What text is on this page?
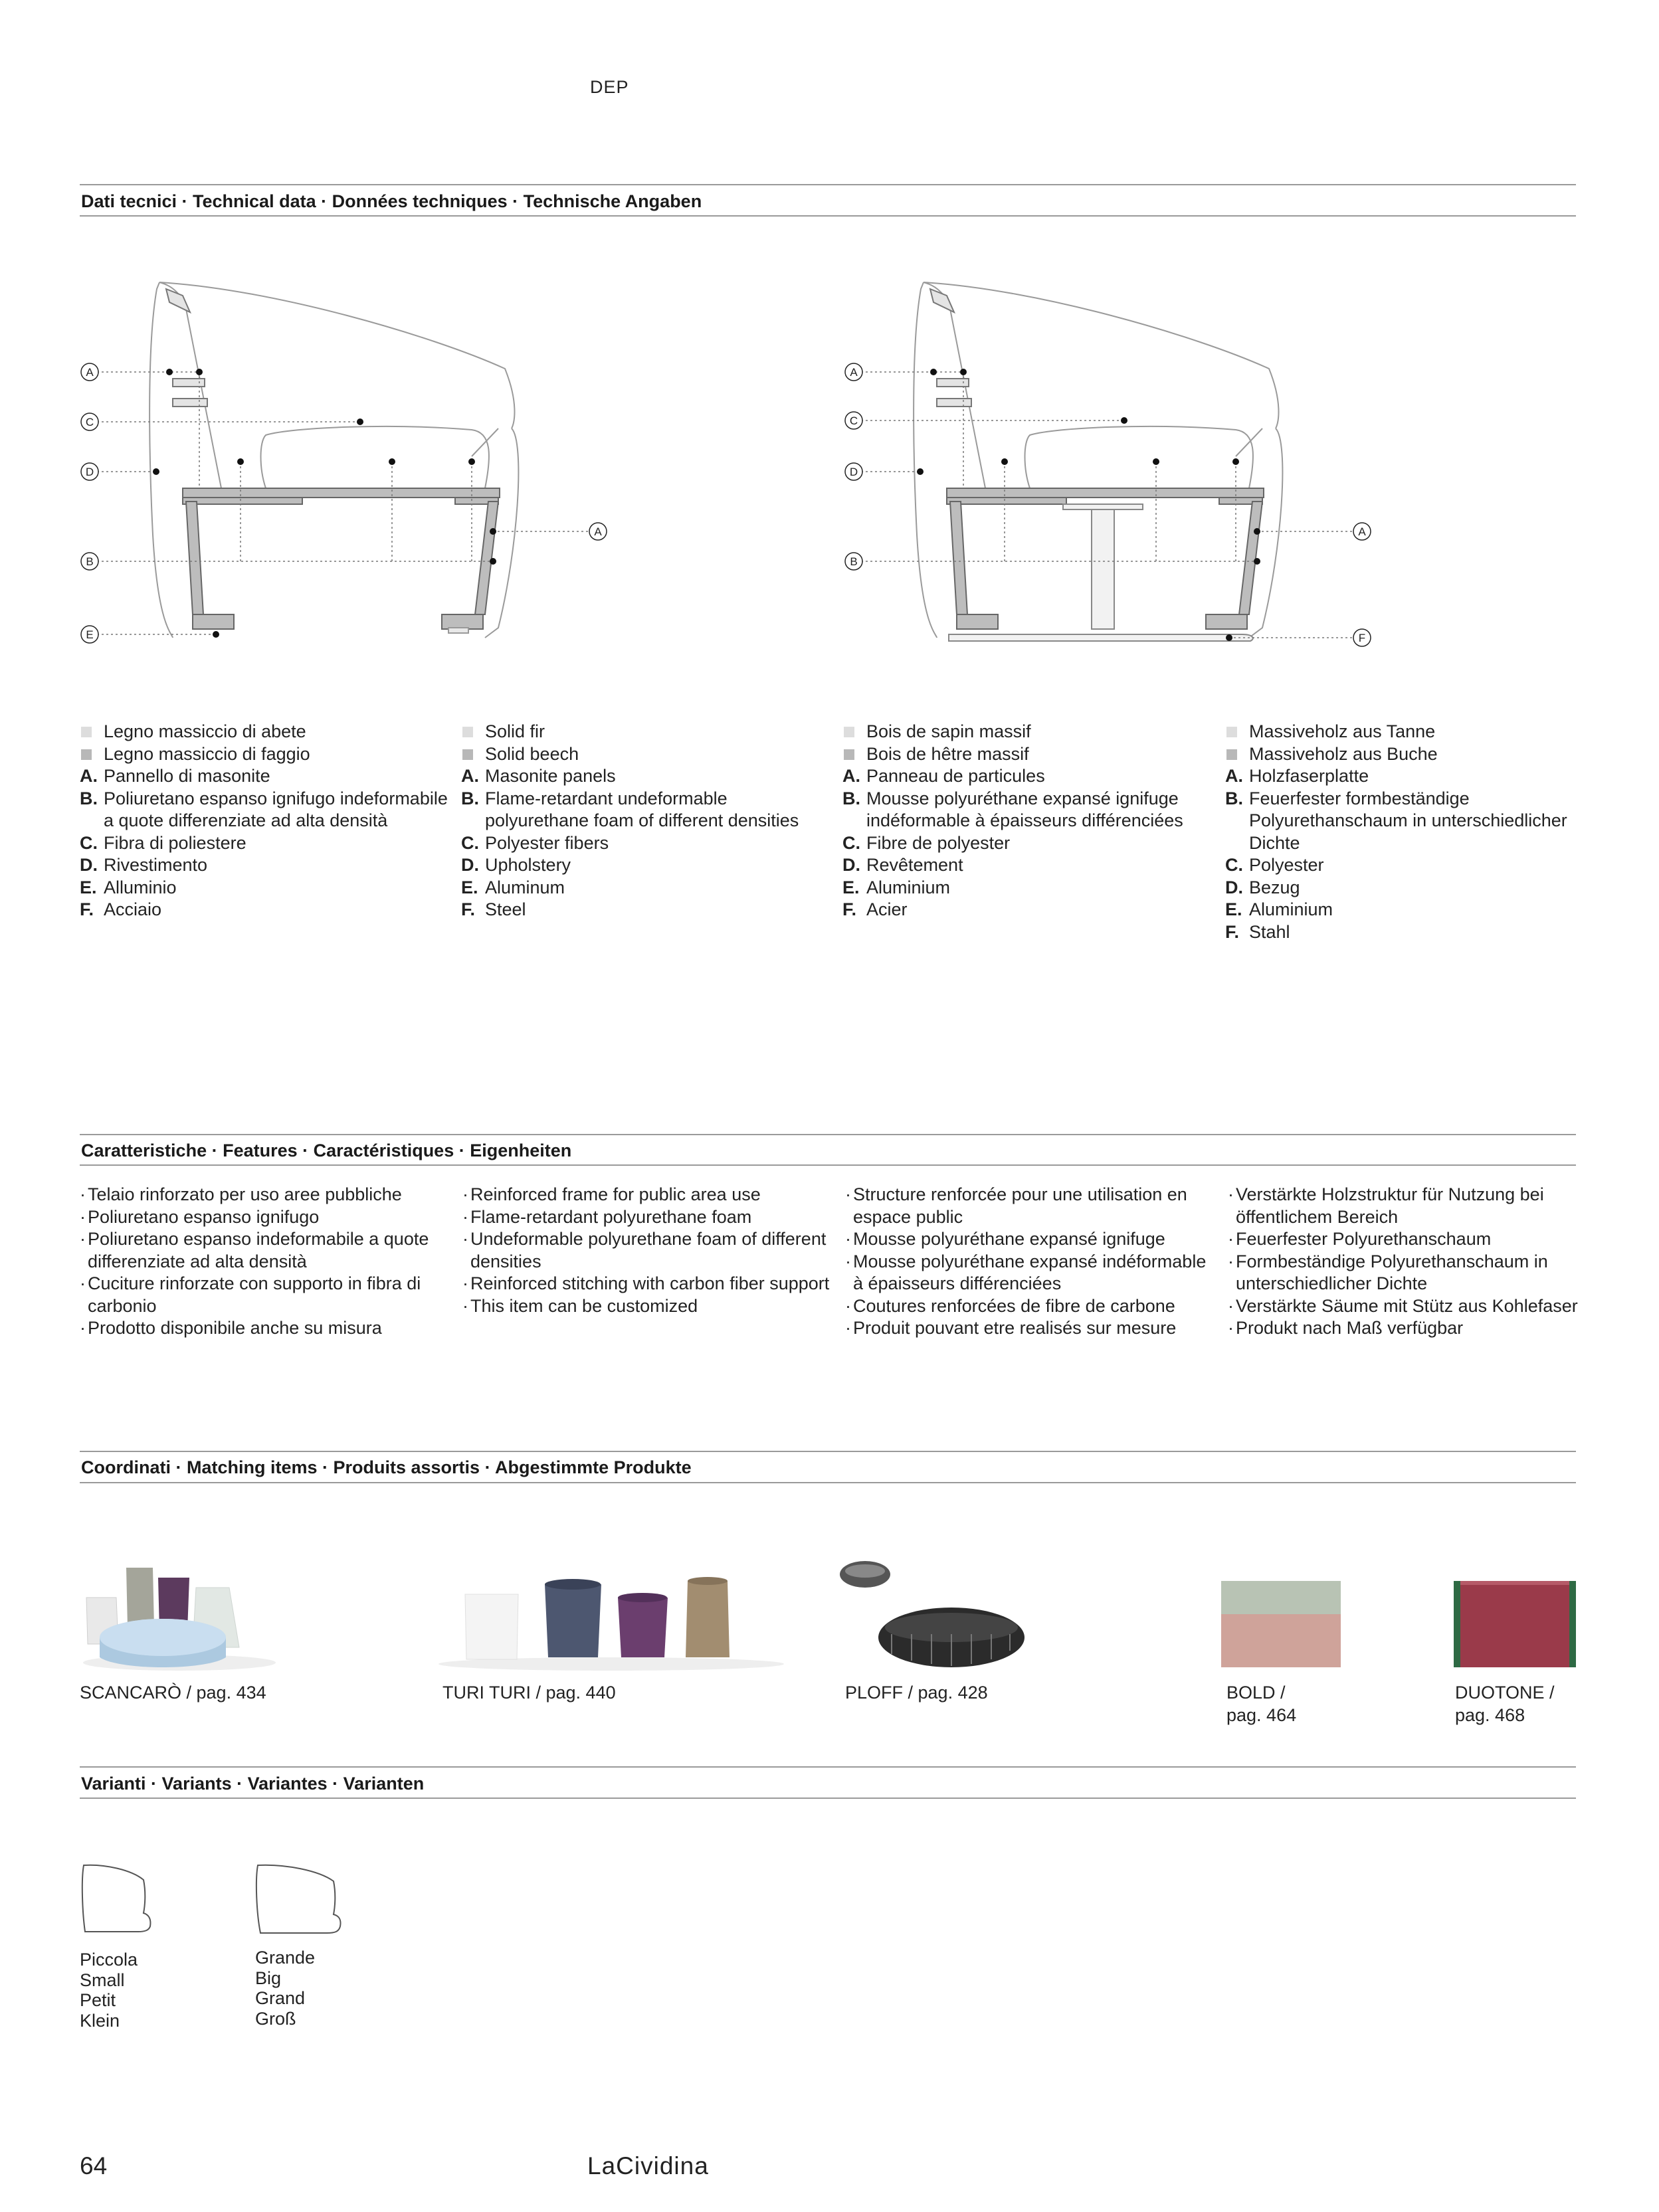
DEP
Dati tecnici · Technical data · Données techniques · Technische Angaben
A
C
D
B
E
A
A
C
D
B
A
F
Legno massiccio di abete
Legno massiccio di faggio
A. Pannello di masonite
B. Poliuretano espanso ignifugo indeformabile a quote differenziate ad alta densità
C. Fibra di poliestere
D. Rivestimento
E. Alluminio
F. Acciaio
Solid fir
Solid beech
A. Masonite panels
B. Flame-retardant undeformable polyurethane foam of different densities
C. Polyester fibers
D. Upholstery
E. Aluminum
F. Steel
Bois de sapin massif
Bois de hêtre massif
A. Panneau de particules
B. Mousse polyuréthane expansé ignifuge indéformable à épaisseurs différenciées
C. Fibre de polyester
D. Revêtement
E. Aluminium
F. Acier
Massiveholz aus Tanne
Massiveholz aus Buche
A. Holzfaserplatte
B. Feuerfester formbeständige Polyurethanschaum in unterschiedlicher Dichte
C. Polyester
D. Bezug
E. Aluminium
F. Stahl
Caratteristiche · Features · Caractéristiques · Eigenheiten
· Telaio rinforzato per uso aree pubbliche
· Poliuretano espanso ignifugo
· Poliuretano espanso indeformabile a quote differenziate ad alta densità
· Cuciture rinforzate con supporto in fibra di carbonio
· Prodotto disponibile anche su misura
· Reinforced frame for public area use
· Flame-retardant polyurethane foam
· Undeformable polyurethane foam of different densities
· Reinforced stitching with carbon fiber support
· This item can be customized
· Structure renforcée pour une utilisation en espace public
· Mousse polyuréthane expansé ignifuge
· Mousse polyuréthane expansé indéformable à épaisseurs différenciées
· Coutures renforcées de fibre de carbone
· Produit pouvant etre realisés sur mesure
· Verstärkte Holzstruktur für Nutzung bei öffentlichem Bereich
· Feuerfester Polyurethanschaum
· Formbeständige Polyurethanschaum in unterschiedlicher Dichte
· Verstärkte Säume mit Stütz aus Kohlefaser
· Produkt nach Maß verfügbar
Coordinati · Matching items · Produits assortis · Abgestimmte Produkte
SCANCARÒ / pag. 434	TURI TURI / pag. 440	PLOFF / pag. 428	BOLD /
pag. 464
DUOTONE /
pag. 468
Varianti · Variants · Variantes · Varianten
Piccola
Small
Petit
Klein
Grande
Big
Grand
Groß
64	LaCividina
